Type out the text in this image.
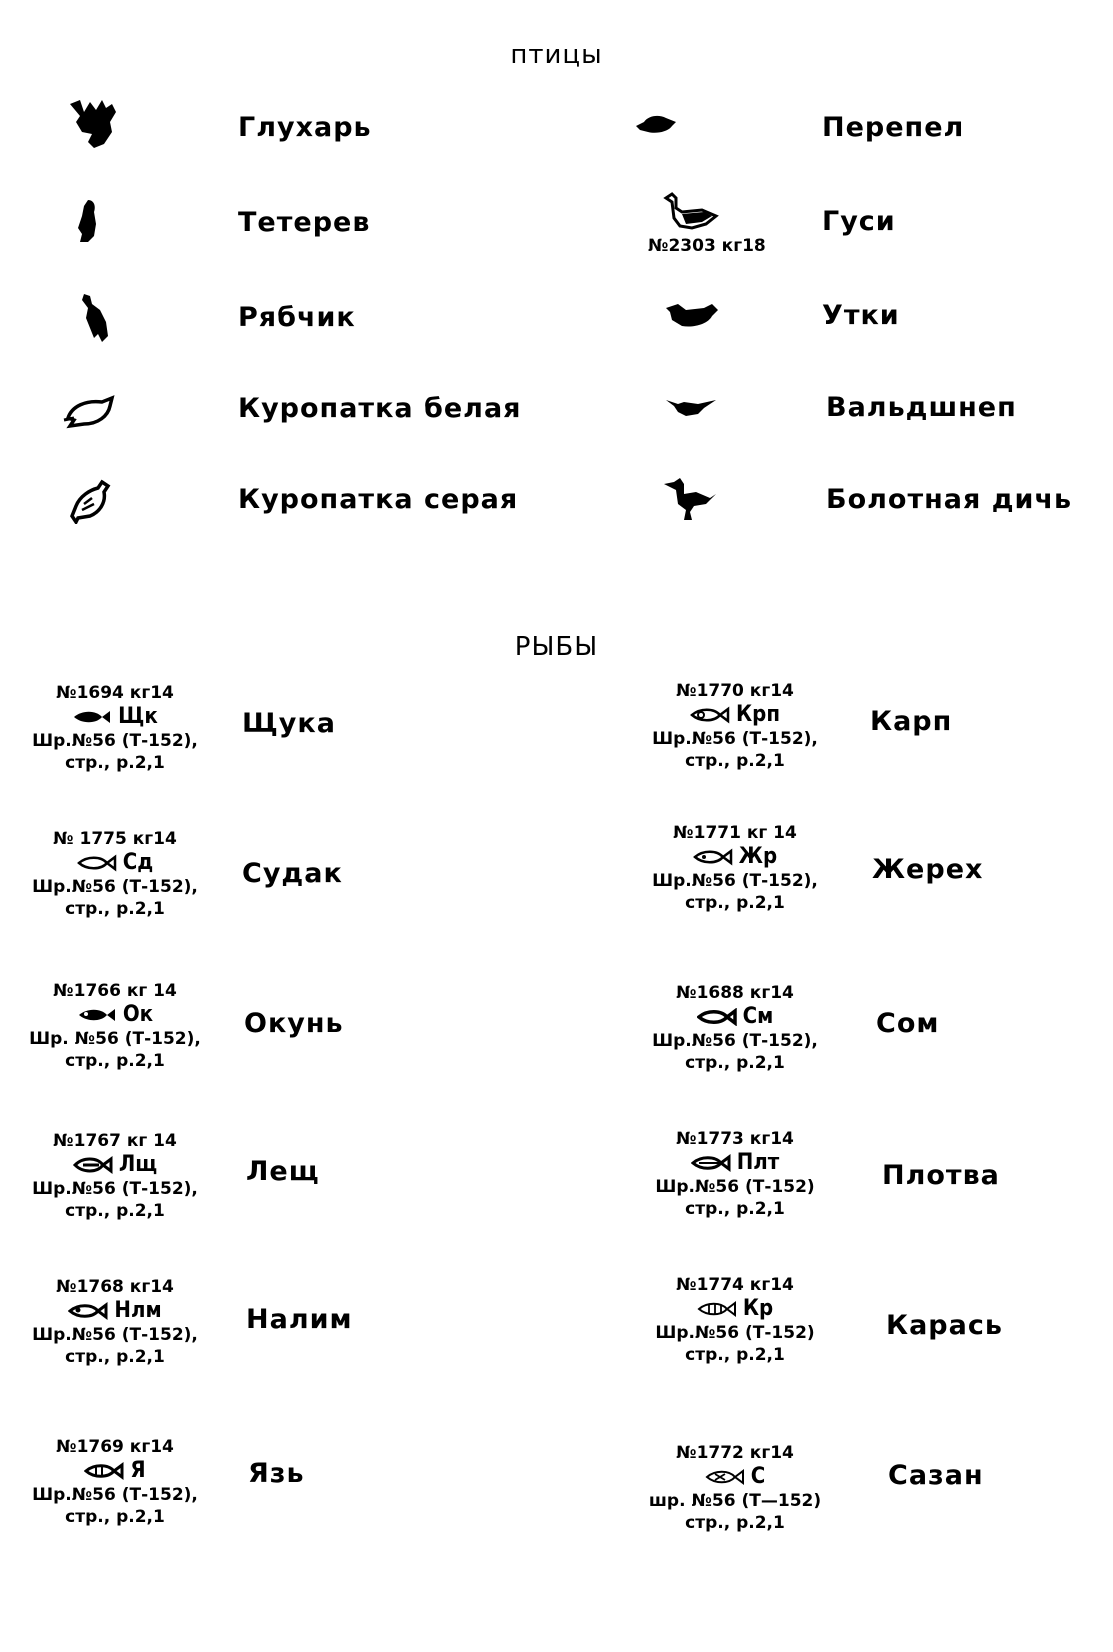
птицы
Глухарь
Тетерев
Рябчик
Куропатка белая
Куропатка серая
Перепел
№2303 кг18
Гуси
Утки
Вальдшнеп
Болотная дичь
РЫБЫ
№1694 кг14
Щк
Шр.№56 (Т-152),
стр., р.2,1
Щука
№ 1775 кг14
Сд
Шр.№56 (Т-152),
стр., р.2,1
Судак
№1766 кг 14
Ок
Шр. №56 (Т-152),
стр., р.2,1
Окунь
№1767 кг 14
Лщ
Шр.№56 (Т-152),
стр., р.2,1
Лещ
№1768 кг14
Нлм
Шр.№56 (Т-152),
стр., р.2,1
Налим
№1769 кг14
Я
Шр.№56 (Т-152),
стр., р.2,1
Язь
№1770 кг14
Крп
Шр.№56 (Т-152),
стр., р.2,1
Карп
№1771 кг 14
Жр
Шр.№56 (Т-152),
стр., р.2,1
Жерех
№1688 кг14
См
Шр.№56 (Т-152),
стр., р.2,1
Сом
№1773 кг14
Плт
Шр.№56 (Т-152)
стр., р.2,1
Плотва
№1774 кг14
Кр
Шр.№56 (Т-152)
стр., р.2,1
Карась
№1772 кг14
С
шр. №56 (Т—152)
стр., р.2,1
Сазан
